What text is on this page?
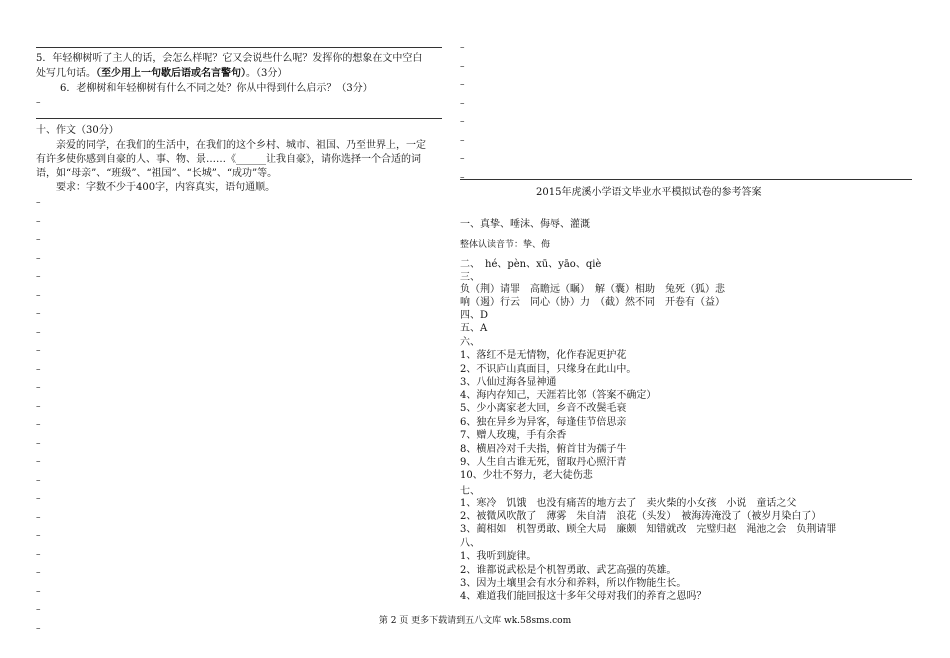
5．年轻柳树听了主人的话，会怎么样呢？它又会说些什么呢？发挥你的想象在文中空白
处写几句话。（至少用上一句歇后语或名言警句）。（3分）
6．老柳树和年轻柳树有什么不同之处？你从中得到什么启示？（3分）
–
十、作文（30分）
亲爱的同学，在我们的生活中，在我们的这个乡村、城市、祖国、乃至世界上，一定
有许多使你感到自豪的人、事、物、景……《______让我自豪》，请你选择一个合适的词
语，如“母亲”、“班级”、“祖国”、“长城”、“成功”等。
要求：字数不少于400字，内容真实，语句通顺。
–
–
–
–
–
–
–
–
–
–
–
–
–
–
–
–
–
–
–
–
–
–
–
–
–
–
–
–
–
–
–
–
2015年虎溪小学语文毕业水平模拟试卷的参考答案
一、真挚、唾沫、侮辱、灌溉
整体认读音节：挚、侮
二、　hé、pèn、xū、yāo、qiè
三、
负（荆）请罪　高瞻远（瞩）　解（囊）相助　兔死（狐）悲
响（遏）行云　同心（协）力　（截）然不同　开卷有（益）
四、D
五、A
六、
1、落红不是无情物，化作春泥更护花
2、不识庐山真面目，只缘身在此山中。
3、八仙过海各显神通
4、海内存知己，天涯若比邻（答案不确定）
5、少小离家老大回，乡音不改鬓毛衰
6、独在异乡为异客，每逢佳节倍思亲
7、赠人玫瑰，手有余香
8、横眉冷对千夫指，俯首甘为孺子牛
9、人生自古谁无死，留取丹心照汗青
10、少壮不努力，老大徒伤悲
七、
1、寒冷　饥饿　也没有痛苦的地方去了　卖火柴的小女孩　小说　童话之父
2、被微风吹散了　薄雾　朱自清　浪花（头发）　被海涛淹没了（被岁月染白了）
3、蔺相如　机智勇敢、顾全大局　廉颇　知错就改　完璧归赵　渑池之会　负荆请罪
八、
1、我听到旋律。
2、谁都说武松是个机智勇敢、武艺高强的英雄。
3、因为土壤里会有水分和养料，所以作物能生长。
4、难道我们能回报这十多年父母对我们的养育之恩吗？
第 2 页 更多下载请到五八文库 wk.58sms.com
